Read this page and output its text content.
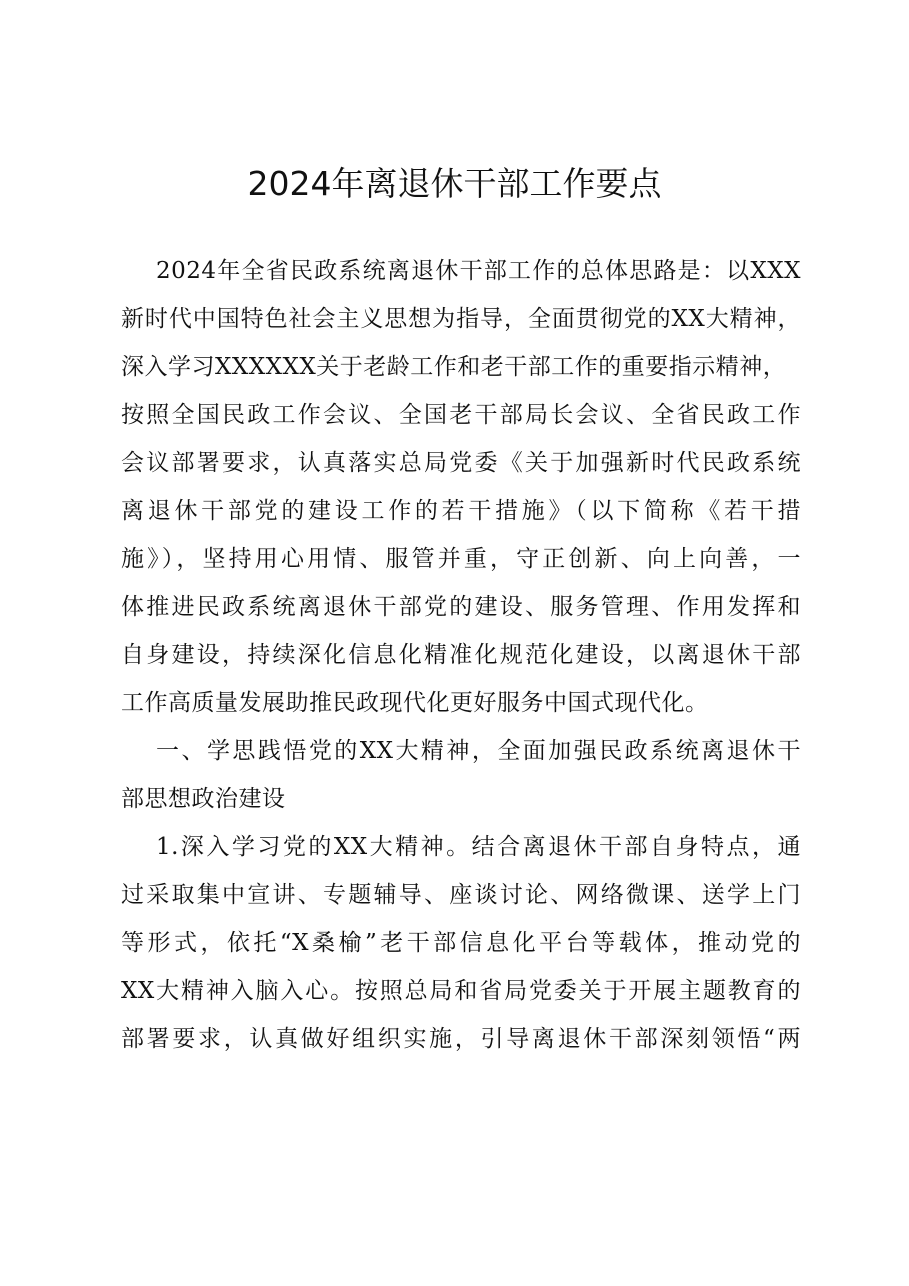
2024年离退休干部工作要点
2024年全省民政系统离退休干部工作的总体思路是：以XXX
新时代中国特色社会主义思想为指导，全面贯彻党的XX大精神，
深入学习XXXXXX关于老龄工作和老干部工作的重要指示精神，
按照全国民政工作会议、全国老干部局长会议、全省民政工作
会议部署要求，认真落实总局党委《关于加强新时代民政系统
离退休干部党的建设工作的若干措施》（以下简称《若干措
施》），坚持用心用情、服管并重，守正创新、向上向善，一
体推进民政系统离退休干部党的建设、服务管理、作用发挥和
自身建设，持续深化信息化精准化规范化建设，以离退休干部
工作高质量发展助推民政现代化更好服务中国式现代化。
一、学思践悟党的XX大精神，全面加强民政系统离退休干
部思想政治建设
1.深入学习党的XX大精神。结合离退休干部自身特点，通
过采取集中宣讲、专题辅导、座谈讨论、网络微课、送学上门
等形式，依托“X桑榆”老干部信息化平台等载体，推动党的
XX大精神入脑入心。按照总局和省局党委关于开展主题教育的
部署要求，认真做好组织实施，引导离退休干部深刻领悟“两
